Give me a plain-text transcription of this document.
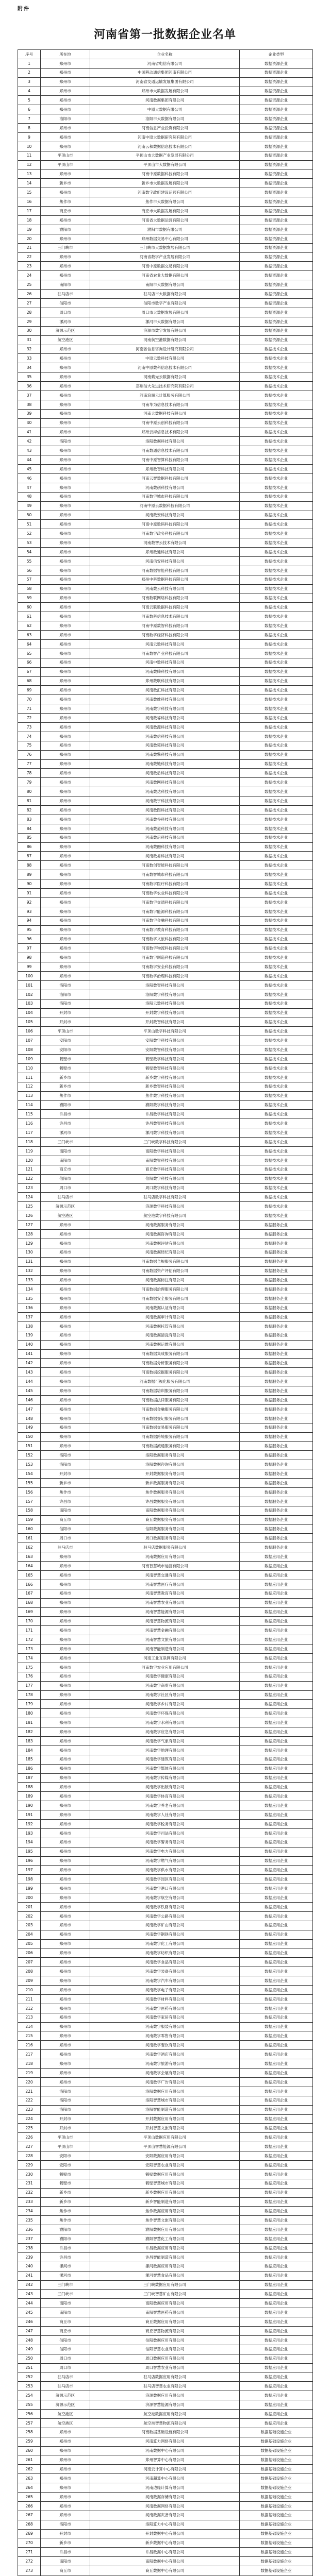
附件
河南省第一批数据企业名单
序号	所在地	企业名称	企业类型
1	郑州市	河南省电信有限公司	数据资源企业
2	郑州市	中国移动通信集团河南有限公司	数据资源企业
3	郑州市	河南省交通运输发展集团有限公司	数据资源企业
4	郑州市	郑州市大数据发展有限公司	数据资源企业
5	郑州市	河南数据集团有限公司	数据资源企业
6	郑州市	中原大数据有限公司	数据资源企业
7	洛阳市	洛阳市大数据有限公司	数据资源企业
8	郑州市	河南信息产业投资有限公司	数据资源企业
9	郑州市	河南中原大数据研究院有限公司	数据资源企业
10	郑州市	河南云和数据信息技术有限公司	数据资源企业
11	平顶山市	平顶山市大数据产业发展有限公司	数据资源企业
12	平顶山市	平顶山市大数据有限公司	数据资源企业
13	郑州市	河南中原数据科技有限公司	数据资源企业
14	新乡市	新乡市大数据发展有限公司	数据资源企业
15	郑州市	河南数字政府建设运营有限公司	数据资源企业
16	焦作市	焦作市大数据有限公司	数据资源企业
17	商丘市	商丘市大数据发展有限公司	数据资源企业
18	郑州市	河南省大数据运营有限公司	数据资源企业
19	濮阳市	濮阳市数据有限公司	数据资源企业
20	郑州市	郑州数据交易中心有限公司	数据资源企业
21	三门峡市	三门峡市大数据发展有限公司	数据资源企业
22	郑州市	河南省数字产业发展有限公司	数据资源企业
23	郑州市	河南中原数据交易有限公司	数据资源企业
24	郑州市	河南省农业大数据有限公司	数据资源企业
25	南阳市	南阳市大数据有限公司	数据资源企业
26	驻马店市	驻马店市大数据有限公司	数据资源企业
27	信阳市	信阳市数字产业有限公司	数据资源企业
28	周口市	周口市大数据发展有限公司	数据资源企业
29	漯河市	漯河市大数据有限公司	数据资源企业
30	济源示范区	济源市数字发展有限公司	数据资源企业
31	航空港区	河南航空港数据有限公司	数据资源企业
32	郑州市	河南省信息咨询设计研究有限公司	数据技术企业
33	郑州市	中原云数科技有限公司	数据技术企业
34	郑州市	河南中原数科信息技术有限公司	数据技术企业
35	郑州市	河南紫光云数据有限公司	数据技术企业
36	郑州市	郑州信大先进技术研究院有限公司	数据技术企业
37	郑州市	河南浪潮云计算服务有限公司	数据技术企业
38	郑州市	河南华为信息技术有限公司	数据技术企业
39	郑州市	河南大数据科技有限公司	数据技术企业
40	郑州市	河南中原云创科技有限公司	数据技术企业
41	郑州市	郑州云海信息技术有限公司	数据技术企业
42	洛阳市	洛阳数据科技有限公司	数据技术企业
43	郑州市	河南数通信息技术有限公司	数据技术企业
44	郑州市	河南中原智算科技有限公司	数据技术企业
45	郑州市	郑州数智科技有限公司	数据技术企业
46	郑州市	河南云智数据科技有限公司	数据技术企业
47	郑州市	河南数创科技有限公司	数据技术企业
48	郑州市	河南数字城市科技有限公司	数据技术企业
49	郑州市	河南中原云数据科技有限公司	数据技术企业
50	郑州市	河南数安科技有限公司	数据技术企业
51	郑州市	河南中原数码科技有限公司	数据技术企业
52	郑州市	河南数字政务科技有限公司	数据技术企业
53	郑州市	河南数智云技术有限公司	数据技术企业
54	郑州市	郑州数通科技有限公司	数据技术企业
55	郑州市	河南信安科技有限公司	数据技术企业
56	郑州市	河南数据智能科技有限公司	数据技术企业
57	郑州市	郑州中科数据科技有限公司	数据技术企业
58	郑州市	河南数云科技有限公司	数据技术企业
59	郑州市	河南数联网络科技有限公司	数据技术企业
60	郑州市	河南云联数据科技有限公司	数据技术企业
61	郑州市	河南数科信息技术有限公司	数据技术企业
62	郑州市	河南中原数智科技有限公司	数据技术企业
63	郑州市	河南数字经济科技有限公司	数据技术企业
64	郑州市	河南云数科技有限公司	数据技术企业
65	郑州市	河南数智产业科技有限公司	数据技术企业
66	郑州市	河南中数科技有限公司	数据技术企业
67	郑州市	河南数腾科技有限公司	数据技术企业
68	郑州市	郑州数联科技有限公司	数据技术企业
69	郑州市	河南数汇科技有限公司	数据技术企业
70	郑州市	河南数维科技有限公司	数据技术企业
71	郑州市	河南数字科技有限公司	数据技术企业
72	郑州市	河南数睿科技有限公司	数据技术企业
73	郑州市	河南数源科技有限公司	数据技术企业
74	郑州市	河南数信科技有限公司	数据技术企业
75	郑州市	河南数策科技有限公司	数据技术企业
76	郑州市	河南数擎科技有限公司	数据技术企业
77	郑州市	河南数链科技有限公司	数据技术企业
78	郑州市	河南数盾科技有限公司	数据技术企业
79	郑州市	河南数网科技有限公司	数据技术企业
80	郑州市	河南数达科技有限公司	数据技术企业
81	郑州市	河南数宇科技有限公司	数据技术企业
82	郑州市	河南数图科技有限公司	数据技术企业
83	郑州市	河南数谷科技有限公司	数据技术企业
84	郑州市	河南数道科技有限公司	数据技术企业
85	郑州市	河南数启科技有限公司	数据技术企业
86	郑州市	河南数融科技有限公司	数据技术企业
87	郑州市	河南数易科技有限公司	数据技术企业
88	郑州市	河南数创智能科技有限公司	数据技术企业
89	郑州市	河南数智城市科技有限公司	数据技术企业
90	郑州市	河南数字医疗科技有限公司	数据技术企业
91	郑州市	河南数字农业科技有限公司	数据技术企业
92	郑州市	河南数字交通科技有限公司	数据技术企业
93	郑州市	河南数字能源科技有限公司	数据技术企业
94	郑州市	河南数字金融科技有限公司	数据技术企业
95	郑州市	河南数字教育科技有限公司	数据技术企业
96	郑州市	河南数字文旅科技有限公司	数据技术企业
97	郑州市	河南数字物流科技有限公司	数据技术企业
98	郑州市	河南数字制造科技有限公司	数据技术企业
99	郑州市	河南数字安全科技有限公司	数据技术企业
100	郑州市	河南数字治理科技有限公司	数据技术企业
101	洛阳市	洛阳数智科技有限公司	数据技术企业
102	洛阳市	洛阳数字科技有限公司	数据技术企业
103	洛阳市	洛阳云数科技有限公司	数据技术企业
104	开封市	开封数字科技有限公司	数据技术企业
105	开封市	开封数智科技有限公司	数据技术企业
106	平顶山市	平顶山数字科技有限公司	数据技术企业
107	安阳市	安阳数字科技有限公司	数据技术企业
108	安阳市	安阳数智科技有限公司	数据技术企业
109	鹤壁市	鹤壁数字科技有限公司	数据技术企业
110	鹤壁市	鹤壁数智科技有限公司	数据技术企业
111	新乡市	新乡数字科技有限公司	数据技术企业
112	新乡市	新乡数智科技有限公司	数据技术企业
113	焦作市	焦作数字科技有限公司	数据技术企业
114	濮阳市	濮阳数字科技有限公司	数据技术企业
115	许昌市	许昌数字科技有限公司	数据技术企业
116	许昌市	许昌数智科技有限公司	数据技术企业
117	漯河市	漯河数字科技有限公司	数据技术企业
118	三门峡市	三门峡数字科技有限公司	数据技术企业
119	南阳市	南阳数字科技有限公司	数据技术企业
120	南阳市	南阳数智科技有限公司	数据技术企业
121	商丘市	商丘数字科技有限公司	数据技术企业
122	信阳市	信阳数字科技有限公司	数据技术企业
123	周口市	周口数字科技有限公司	数据技术企业
124	驻马店市	驻马店数字科技有限公司	数据技术企业
125	济源示范区	济源数字科技有限公司	数据技术企业
126	航空港区	航空港数字科技有限公司	数据技术企业
127	郑州市	河南数据服务有限公司	数据服务企业
128	郑州市	河南数据咨询有限公司	数据服务企业
129	郑州市	河南数据评估有限公司	数据服务企业
130	郑州市	河南数据经纪有限公司	数据服务企业
131	郑州市	河南数据合规服务有限公司	数据服务企业
132	郑州市	河南数据资产评估有限公司	数据服务企业
133	郑州市	河南数据标注有限公司	数据服务企业
134	郑州市	河南数据治理服务有限公司	数据服务企业
135	郑州市	河南数据安全服务有限公司	数据服务企业
136	郑州市	河南数据认证有限公司	数据服务企业
137	郑州市	河南数据审计有限公司	数据服务企业
138	郑州市	河南数据托管有限公司	数据服务企业
139	郑州市	河南数据清洗有限公司	数据服务企业
140	郑州市	河南数据运维有限公司	数据服务企业
141	郑州市	河南数据集成服务有限公司	数据服务企业
142	郑州市	河南数据分析服务有限公司	数据服务企业
143	郑州市	河南数据挖掘服务有限公司	数据服务企业
144	郑州市	河南数据可视化服务有限公司	数据服务企业
145	郑州市	河南数据培训服务有限公司	数据服务企业
146	郑州市	河南数据法律服务有限公司	数据服务企业
147	郑州市	河南数据金融服务有限公司	数据服务企业
148	郑州市	河南数据登记服务有限公司	数据服务企业
149	郑州市	河南数据交易服务有限公司	数据服务企业
150	郑州市	河南数据跨境服务有限公司	数据服务企业
151	郑州市	河南数据流通服务有限公司	数据服务企业
152	洛阳市	洛阳数据服务有限公司	数据服务企业
153	洛阳市	洛阳数据咨询有限公司	数据服务企业
154	开封市	开封数据服务有限公司	数据服务企业
155	新乡市	新乡数据服务有限公司	数据服务企业
156	焦作市	焦作数据服务有限公司	数据服务企业
157	许昌市	许昌数据服务有限公司	数据服务企业
158	南阳市	南阳数据服务有限公司	数据服务企业
159	商丘市	商丘数据服务有限公司	数据服务企业
160	信阳市	信阳数据服务有限公司	数据服务企业
161	周口市	周口数据服务有限公司	数据服务企业
162	驻马店市	驻马店数据服务有限公司	数据服务企业
163	郑州市	河南数据应用有限公司	数据应用企业
164	郑州市	河南智慧城市运营有限公司	数据应用企业
165	郑州市	河南智慧交通有限公司	数据应用企业
166	郑州市	河南智慧医疗有限公司	数据应用企业
167	郑州市	河南智慧教育有限公司	数据应用企业
168	郑州市	河南智慧农业有限公司	数据应用企业
169	郑州市	河南智慧能源有限公司	数据应用企业
170	郑州市	河南智慧物流有限公司	数据应用企业
171	郑州市	河南智慧金融有限公司	数据应用企业
172	郑州市	河南智慧文旅有限公司	数据应用企业
173	郑州市	河南智能制造有限公司	数据应用企业
174	郑州市	河南工业互联网有限公司	数据应用企业
175	郑州市	河南数字农业应用有限公司	数据应用企业
176	郑州市	河南数字健康有限公司	数据应用企业
177	郑州市	河南数字商贸有限公司	数据应用企业
178	郑州市	河南数字社区有限公司	数据应用企业
179	郑州市	河南数字乡村有限公司	数据应用企业
180	郑州市	河南数字环保有限公司	数据应用企业
181	郑州市	河南数字水利有限公司	数据应用企业
182	郑州市	河南数字应急有限公司	数据应用企业
183	郑州市	河南数字气象有限公司	数据应用企业
184	郑州市	河南数字地理有限公司	数据应用企业
185	郑州市	河南数字建筑有限公司	数据应用企业
186	郑州市	河南数字媒体有限公司	数据应用企业
187	郑州市	河南数字传媒有限公司	数据应用企业
188	郑州市	河南数字出版有限公司	数据应用企业
189	郑州市	河南数字体育有限公司	数据应用企业
190	郑州市	河南数字养老有限公司	数据应用企业
191	郑州市	河南数字人社有限公司	数据应用企业
192	郑州市	河南数字税务有限公司	数据应用企业
193	郑州市	河南数字司法有限公司	数据应用企业
194	郑州市	河南数字警务有限公司	数据应用企业
195	郑州市	河南数字电力有限公司	数据应用企业
196	郑州市	河南数字燃气有限公司	数据应用企业
197	郑州市	河南数字供水有限公司	数据应用企业
198	郑州市	河南数字园区有限公司	数据应用企业
199	郑州市	河南数字港口有限公司	数据应用企业
200	郑州市	河南数字航空有限公司	数据应用企业
201	郑州市	河南数字铁路有限公司	数据应用企业
202	郑州市	河南数字公路有限公司	数据应用企业
203	郑州市	河南数字矿山有限公司	数据应用企业
204	郑州市	河南数字钢铁有限公司	数据应用企业
205	郑州市	河南数字化工有限公司	数据应用企业
206	郑州市	河南数字纺织有限公司	数据应用企业
207	郑州市	河南数字食品有限公司	数据应用企业
208	郑州市	河南数字装备有限公司	数据应用企业
209	郑州市	河南数字汽车有限公司	数据应用企业
210	郑州市	河南数字电子有限公司	数据应用企业
211	郑州市	河南数字材料有限公司	数据应用企业
212	郑州市	河南数字医药有限公司	数据应用企业
213	郑州市	河南数字家居有限公司	数据应用企业
214	郑州市	河南数字服装有限公司	数据应用企业
215	郑州市	河南数字零售有限公司	数据应用企业
216	郑州市	河南数字餐饮有限公司	数据应用企业
217	郑州市	河南数字酒店有限公司	数据应用企业
218	郑州市	河南数字旅游有限公司	数据应用企业
219	郑州市	河南数字会展有限公司	数据应用企业
220	郑州市	河南数字广告有限公司	数据应用企业
221	洛阳市	洛阳数据应用有限公司	数据应用企业
222	洛阳市	洛阳智慧城市有限公司	数据应用企业
223	洛阳市	洛阳智能制造有限公司	数据应用企业
224	开封市	开封数据应用有限公司	数据应用企业
225	开封市	开封智慧文旅有限公司	数据应用企业
226	平顶山市	平顶山数据应用有限公司	数据应用企业
227	平顶山市	平顶山智慧能源有限公司	数据应用企业
228	安阳市	安阳数据应用有限公司	数据应用企业
229	安阳市	安阳智慧农业有限公司	数据应用企业
230	鹤壁市	鹤壁数据应用有限公司	数据应用企业
231	鹤壁市	鹤壁智慧城市有限公司	数据应用企业
232	新乡市	新乡数据应用有限公司	数据应用企业
233	新乡市	新乡智能制造有限公司	数据应用企业
234	焦作市	焦作数据应用有限公司	数据应用企业
235	焦作市	焦作智慧文旅有限公司	数据应用企业
236	濮阳市	濮阳数据应用有限公司	数据应用企业
237	濮阳市	濮阳智慧化工有限公司	数据应用企业
238	许昌市	许昌数据应用有限公司	数据应用企业
239	许昌市	许昌智能制造有限公司	数据应用企业
240	漯河市	漯河数据应用有限公司	数据应用企业
241	漯河市	漯河智慧食品有限公司	数据应用企业
242	三门峡市	三门峡数据应用有限公司	数据应用企业
243	三门峡市	三门峡智慧矿山有限公司	数据应用企业
244	南阳市	南阳数据应用有限公司	数据应用企业
245	南阳市	南阳智慧医药有限公司	数据应用企业
246	商丘市	商丘数据应用有限公司	数据应用企业
247	商丘市	商丘智慧物流有限公司	数据应用企业
248	信阳市	信阳数据应用有限公司	数据应用企业
249	信阳市	信阳智慧农业有限公司	数据应用企业
250	周口市	周口数据应用有限公司	数据应用企业
251	周口市	周口智慧农业有限公司	数据应用企业
252	驻马店市	驻马店数据应用有限公司	数据应用企业
253	驻马店市	驻马店智慧农业有限公司	数据应用企业
254	济源示范区	济源数据应用有限公司	数据应用企业
255	济源示范区	济源智慧能源有限公司	数据应用企业
256	航空港区	航空港数据应用有限公司	数据应用企业
257	航空港区	航空港智慧物流有限公司	数据应用企业
258	郑州市	河南数据基础设施有限公司	数据基础设施企业
259	郑州市	河南算力网络有限公司	数据基础设施企业
260	郑州市	河南数据中心有限公司	数据基础设施企业
261	郑州市	郑州智算中心有限公司	数据基础设施企业
262	郑州市	河南云计算中心有限公司	数据基础设施企业
263	郑州市	河南超算中心有限公司	数据基础设施企业
264	郑州市	河南边缘计算有限公司	数据基础设施企业
265	郑州市	河南数据存储有限公司	数据基础设施企业
266	郑州市	河南数据网络有限公司	数据基础设施企业
267	郑州市	河南数据灾备有限公司	数据基础设施企业
268	洛阳市	洛阳算力中心有限公司	数据基础设施企业
269	开封市	开封数据中心有限公司	数据基础设施企业
270	新乡市	新乡数据中心有限公司	数据基础设施企业
271	许昌市	许昌数据中心有限公司	数据基础设施企业
272	南阳市	南阳数据中心有限公司	数据基础设施企业
273	商丘市	商丘数据中心有限公司	数据基础设施企业
